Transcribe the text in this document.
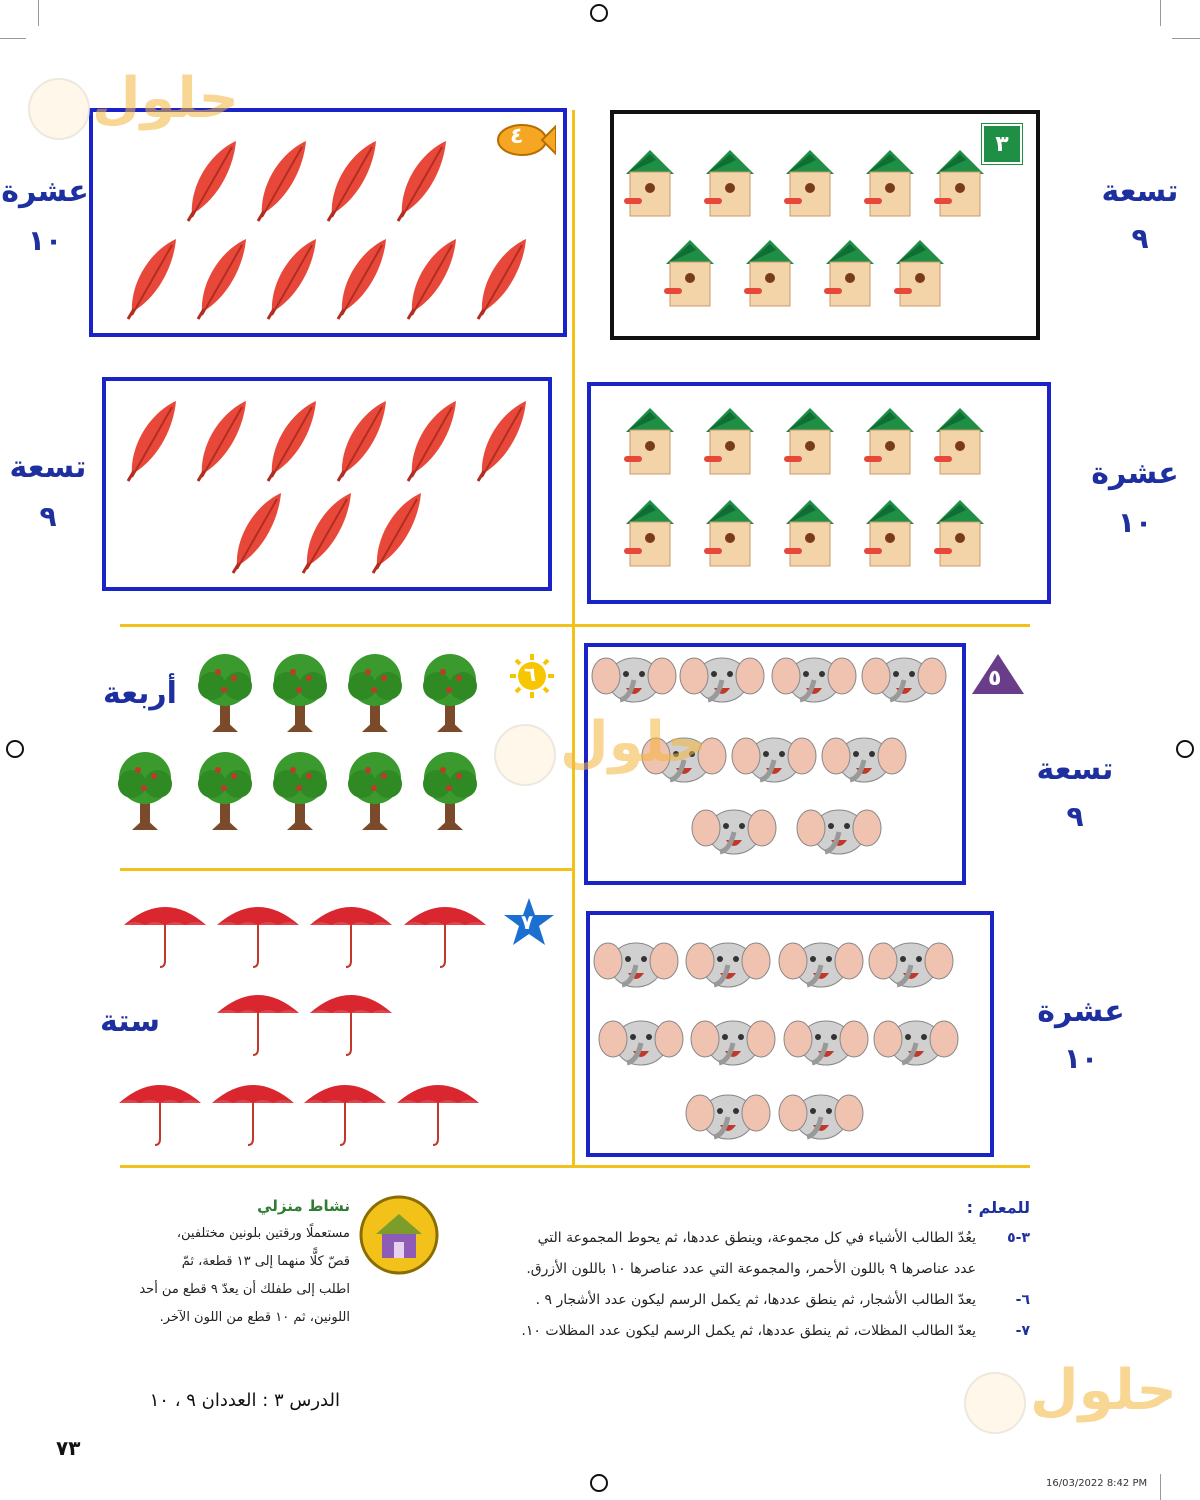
٣
٤
٥
٦
٧
تسعة
٩
عشرة
١٠
عشرة
١٠
تسعة
٩
تسعة
٩
عشرة
١٠
أربعة
ستة
حلول
حلول
حلول
للمعلم :
٣-٥
يعُدّ الطالب الأشياء في كل مجموعة، وينطق عددها، ثم يحوط المجموعة التي
عدد عناصرها ٩ باللون الأحمر، والمجموعة التي عدد عناصرها ١٠ باللون الأزرق.
٦-
يعدّ الطالب الأشجار، ثم ينطق عددها، ثم يكمل الرسم ليكون عدد الأشجار ٩ .
٧-
يعدّ الطالب المظلات، ثم ينطق عددها، ثم يكمل الرسم ليكون عدد المظلات ١٠.
نشاط منزلي
مستعملًا ورقتين بلونين مختلفين،
قصّ كلًّا منهما إلى ١٣ قطعة، ثمّ
اطلب إلى طفلك أن يعدّ ٩ قطع من أحد
اللونين، ثم ١٠ قطع من اللون الآخر.
الدرس ٣ : العددان ٩ ، ١٠
٧٣
16/03/2022 8:42 PM
